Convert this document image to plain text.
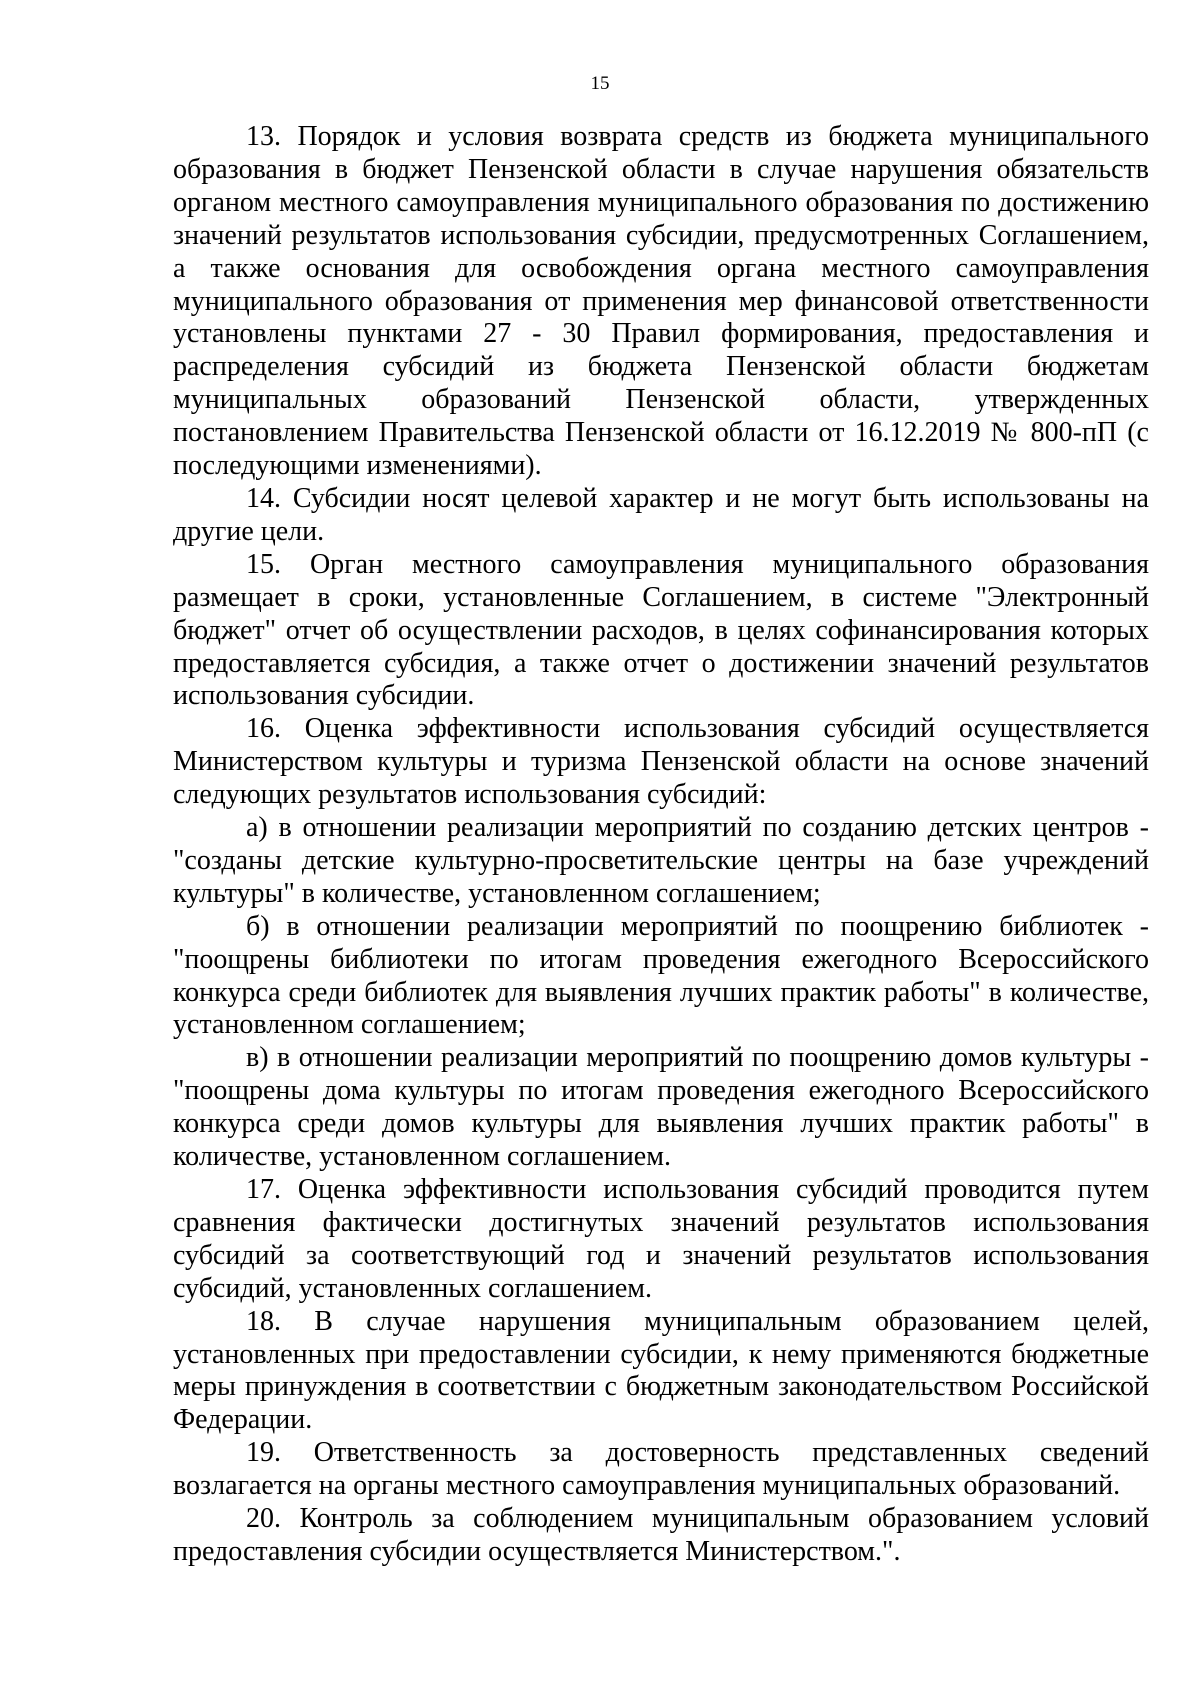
15

13. Порядок и условия возврата средств из бюджета муниципального образования в бюджет Пензенской области в случае нарушения обязательств органом местного самоуправления муниципального образования по достижению значений результатов использования субсидии, предусмотренных Соглашением, а также основания для освобождения органа местного самоуправления муниципального образования от применения мер финансовой ответственности установлены пунктами 27 - 30 Правил формирования, предоставления и распределения субсидий из бюджета Пензенской области бюджетам муниципальных образований Пензенской области, утвержденных постановлением Правительства Пензенской области от 16.12.2019 № 800-пП (с последующими изменениями).

14. Субсидии носят целевой характер и не могут быть использованы на другие цели.

15. Орган местного самоуправления муниципального образования размещает в сроки, установленные Соглашением, в системе "Электронный бюджет" отчет об осуществлении расходов, в целях софинансирования которых предоставляется субсидия, а также отчет о достижении значений результатов использования субсидии.

16. Оценка эффективности использования субсидий осуществляется Министерством культуры и туризма Пензенской области на основе значений следующих результатов использования субсидий:

а) в отношении реализации мероприятий по созданию детских центров - "созданы детские культурно-просветительские центры на базе учреждений культуры" в количестве, установленном соглашением;

б) в отношении реализации мероприятий по поощрению библиотек - "поощрены библиотеки по итогам проведения ежегодного Всероссийского конкурса среди библиотек для выявления лучших практик работы" в количестве, установленном соглашением;

в) в отношении реализации мероприятий по поощрению домов культуры - "поощрены дома культуры по итогам проведения ежегодного Всероссийского конкурса среди домов культуры для выявления лучших практик работы" в количестве, установленном соглашением.

17. Оценка эффективности использования субсидий проводится путем сравнения фактически достигнутых значений результатов использования субсидий за соответствующий год и значений результатов использования субсидий, установленных соглашением.

18. В случае нарушения муниципальным образованием целей, установленных при предоставлении субсидии, к нему применяются бюджетные меры принуждения в соответствии с бюджетным законодательством Российской Федерации.

19. Ответственность за достоверность представленных сведений возлагается на органы местного самоуправления муниципальных образований.

20. Контроль за соблюдением муниципальным образованием условий предоставления субсидии осуществляется Министерством.".
